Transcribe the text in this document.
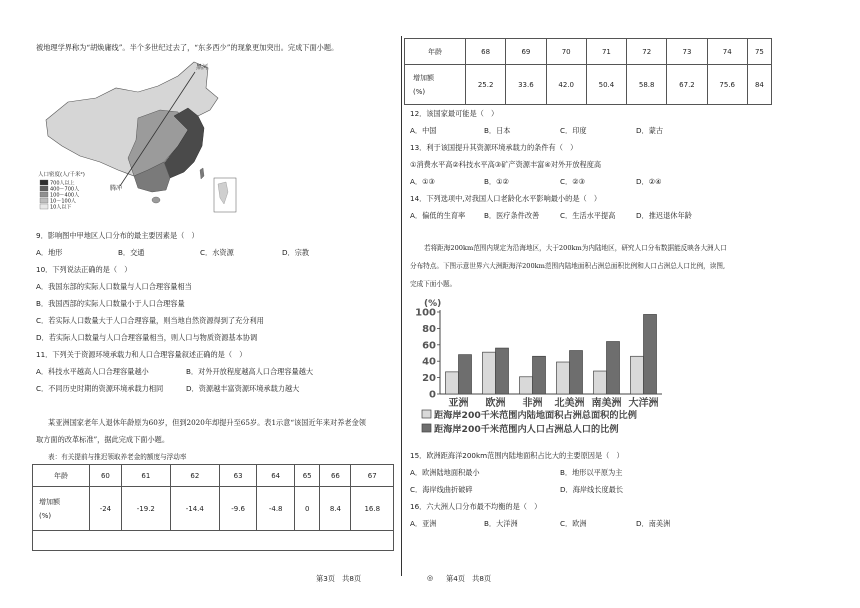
被地理学界称为“胡焕庸线”。半个多世纪过去了，“东多西少”的现象更加突出。完成下面小题。
黑河
腾冲
人口密度(人/千米²)
700人以上
400～700人
100～400人
10～100人
10人以下
9．影响图中甲地区人口分布的最主要因素是（　）
A．地形	B．交通	C．水资源	D．宗教
10．下列说法正确的是（　）
A．我国东部的实际人口数量与人口合理容量相当
B．我国西部的实际人口数量小于人口合理容量
C．若实际人口数量大于人口合理容量，则当地自然资源得到了充分利用
D．若实际人口数量与人口合理容量相当，则人口与物质资源基本协调
11．下列关于资源环境承载力和人口合理容量叙述正确的是（　）
A．科技水平越高人口合理容量越小	B．对外开放程度越高人口合理容量越大
C．不同历史时期的资源环境承载力相同	D．资源越丰富资源环境承载力越大
某亚洲国家老年人退休年龄原为60岁，但到2020年却提升至65岁。表1示意“该国近年来对养老金领
取方面的改革标准”，据此完成下面小题。
表：有关提前与推迟领取养老金的额度与浮动率
年龄	60	61	62	63	64	65	66	67
增加额
(%)	-24	-19.2	-14.4	-9.6	-4.8	0	8.4	16.8

第3页　共8页	◎
年龄	68	69	70	71	72	73	74	75
增加额
(%)	25.2	33.6	42.0	50.4	58.8	67.2	75.6	84
12．该国家最可能是（　）
A．中国	B．日本	C．印度	D．蒙古
13．利于该国提升其资源环境承载力的条件有（　）
①消费水平高②科技水平高③矿产资源丰富④对外开放程度高
A．①③	B．①②	C．②③	D．②④
14．下列选项中,对我国人口老龄化水平影响最小的是（　）
A．偏低的生育率	B．医疗条件改善	C．生活水平提高	D．推迟退休年龄
若将距海200km范围内规定为沿海地区，大于200km为内陆地区，研究人口分布数据能反映各大洲人口
分布特点。下图示意世界六大洲距海洋200km范围内陆地面积占洲总面积比例和人口占洲总人口比例，读图,
完成下面小题。
(%)
0
20
40
60
80
100
亚洲 欧洲 非洲 北美洲 南美洲 大洋洲
距海岸200千米范围内陆地面积占洲总面积的比例
距海岸200千米范围内人口占洲总人口的比例
15．欧洲距海洋200km范围内陆地面积占比大的主要原因是（　）
A．欧洲陆地面积最小	B．地形以平原为主
C．海岸线曲折破碎	D．海岸线长度最长
16．六大洲人口分布最不均衡的是（　）
A．亚洲	B．大洋洲	C．欧洲	D．南美洲
第4页　共8页
